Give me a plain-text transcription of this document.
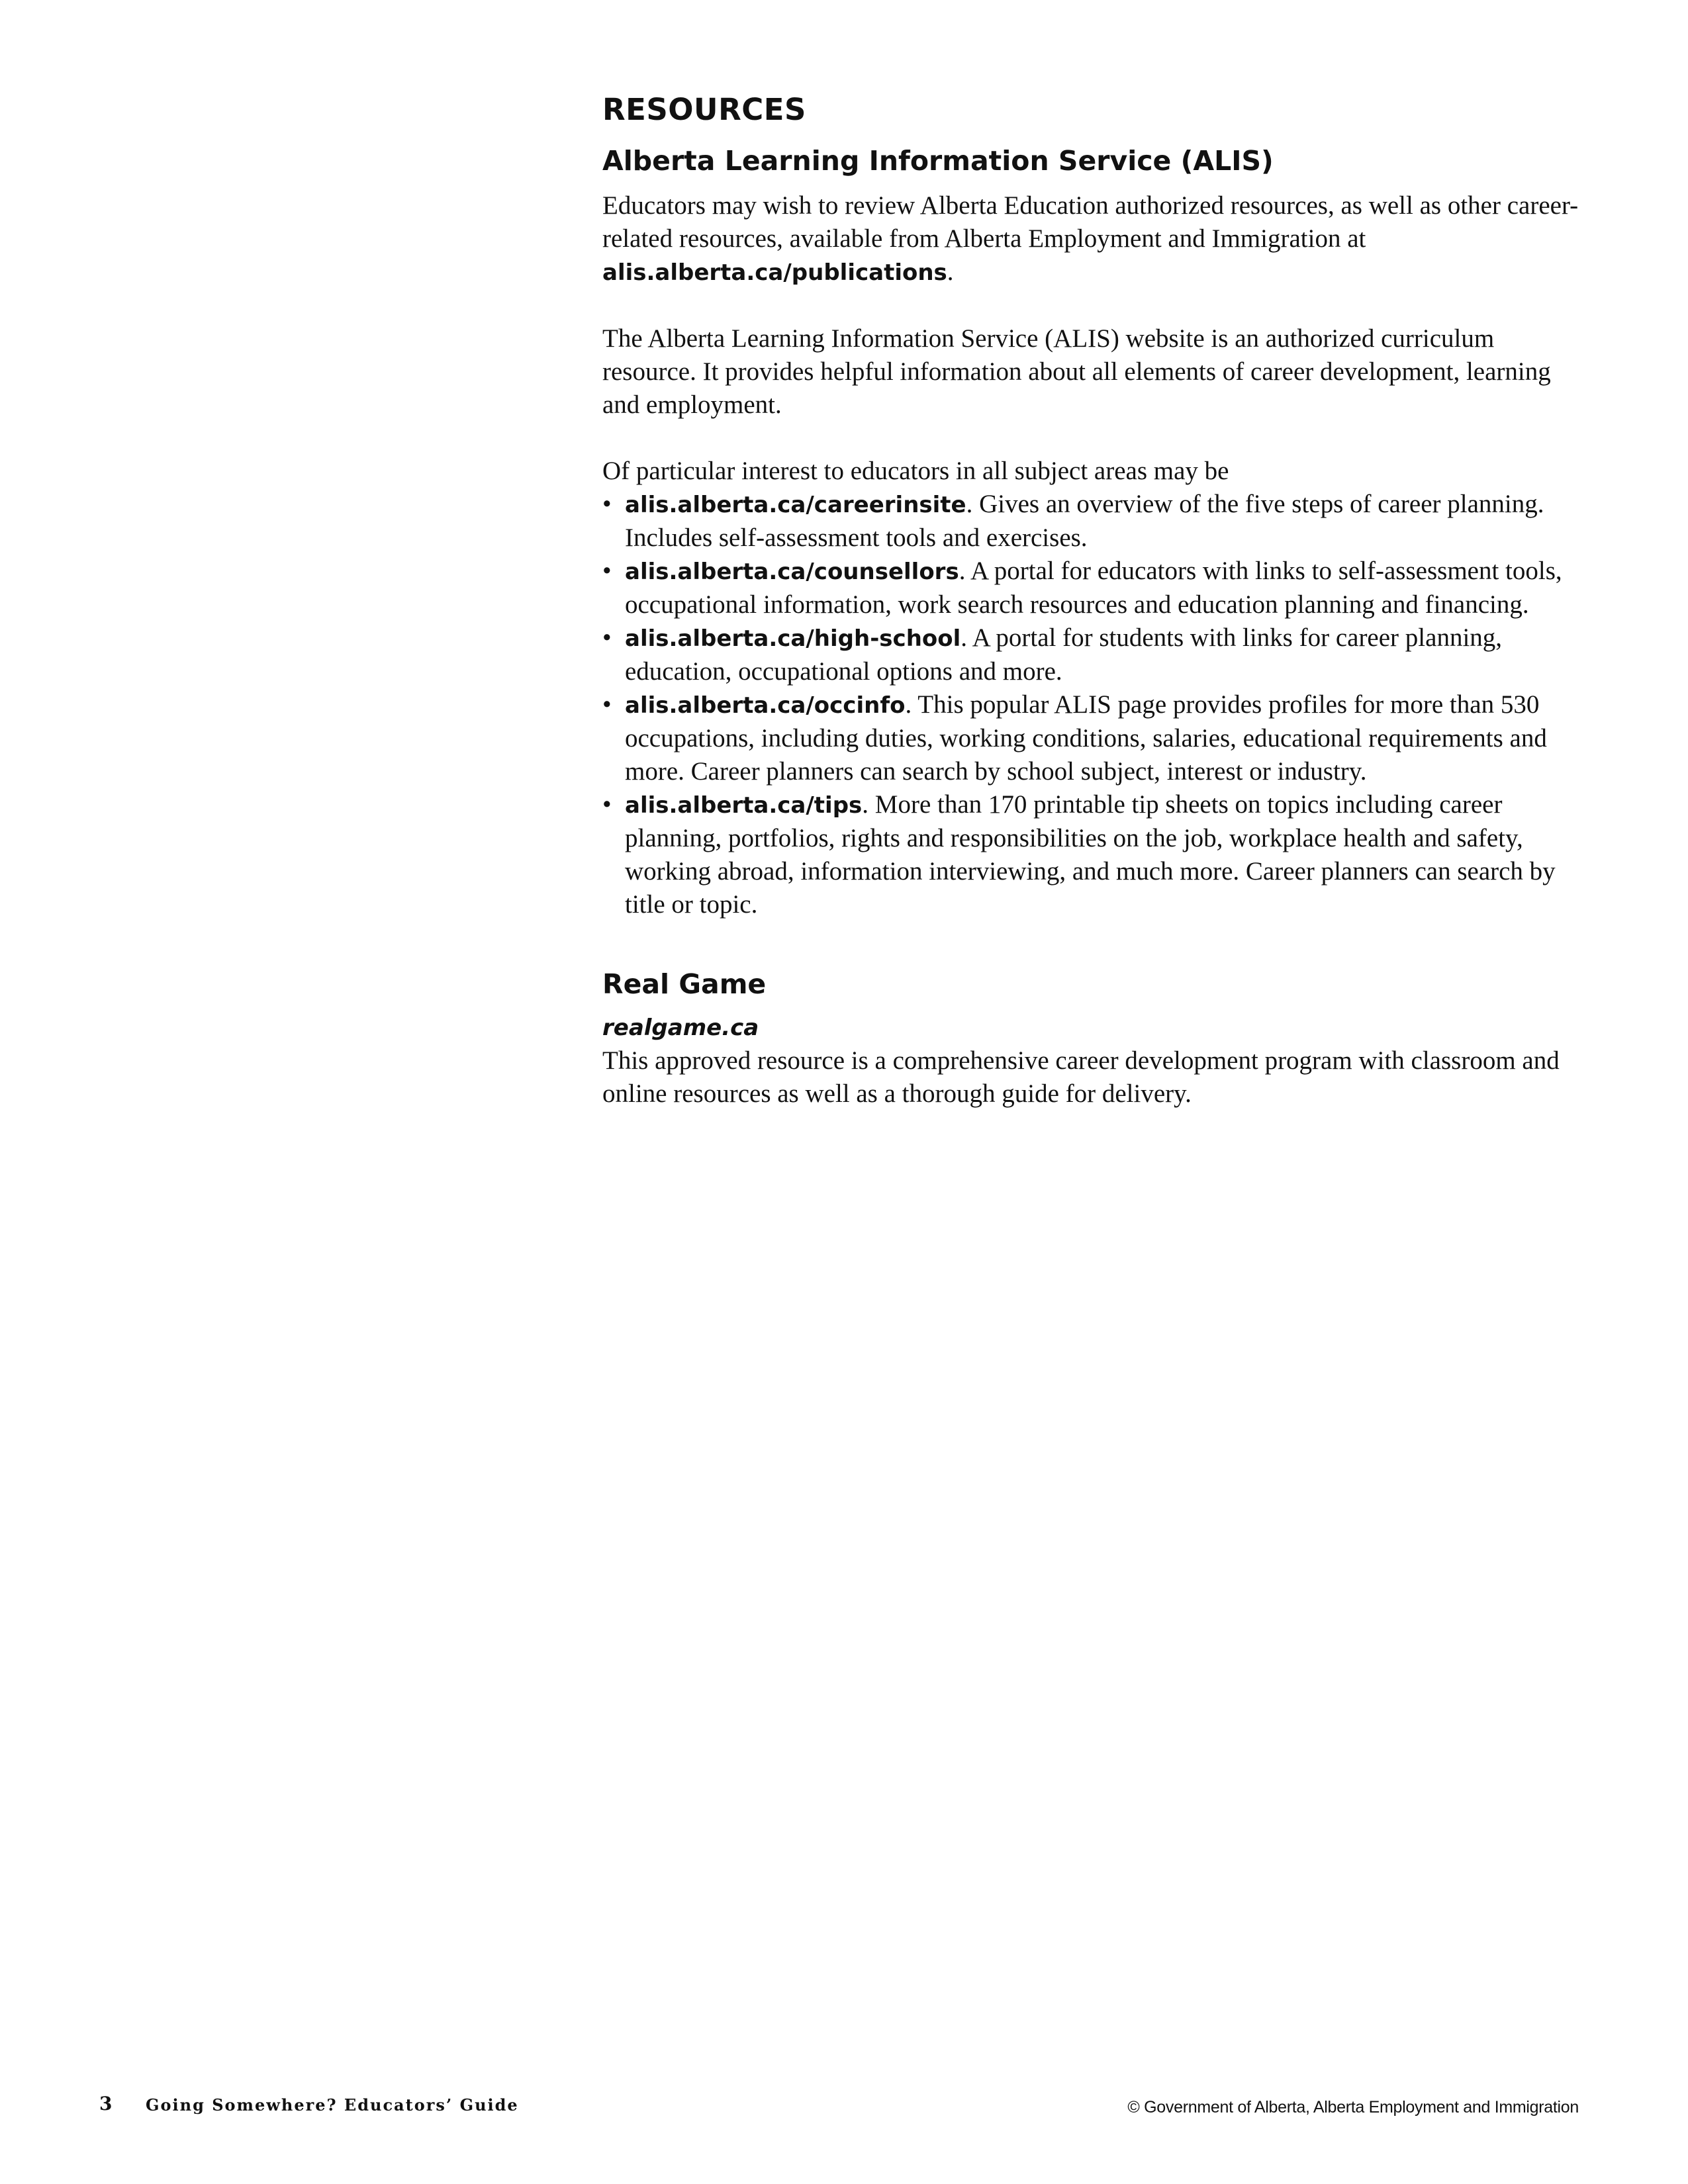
RESOURCES
Alberta Learning Information Service (ALIS)

Educators may wish to review Alberta Education authorized resources, as well as other career-related resources, available from Alberta Employment and Immigration at alis.alberta.ca/publications.

The Alberta Learning Information Service (ALIS) website is an authorized curriculum resource. It provides helpful information about all elements of career development, learning and employment.

Of particular interest to educators in all subject areas may be

• alis.alberta.ca/careerinsite. Gives an overview of the five steps of career planning. Includes self-assessment tools and exercises.
• alis.alberta.ca/counsellors. A portal for educators with links to self-assessment tools, occupational information, work search resources and education planning and financing.
• alis.alberta.ca/high-school. A portal for students with links for career planning, education, occupational options and more.
• alis.alberta.ca/occinfo. This popular ALIS page provides profiles for more than 530 occupations, including duties, working conditions, salaries, educational requirements and more. Career planners can search by school subject, interest or industry.
• alis.alberta.ca/tips. More than 170 printable tip sheets on topics including career planning, portfolios, rights and responsibilities on the job, workplace health and safety, working abroad, information interviewing, and much more. Career planners can search by title or topic.
Real Game
realgame.ca

This approved resource is a comprehensive career development program with classroom and online resources as well as a thorough guide for delivery.

3 Going Somewhere? Educators’ Guide	© Government of Alberta, Alberta Employment and Immigration
